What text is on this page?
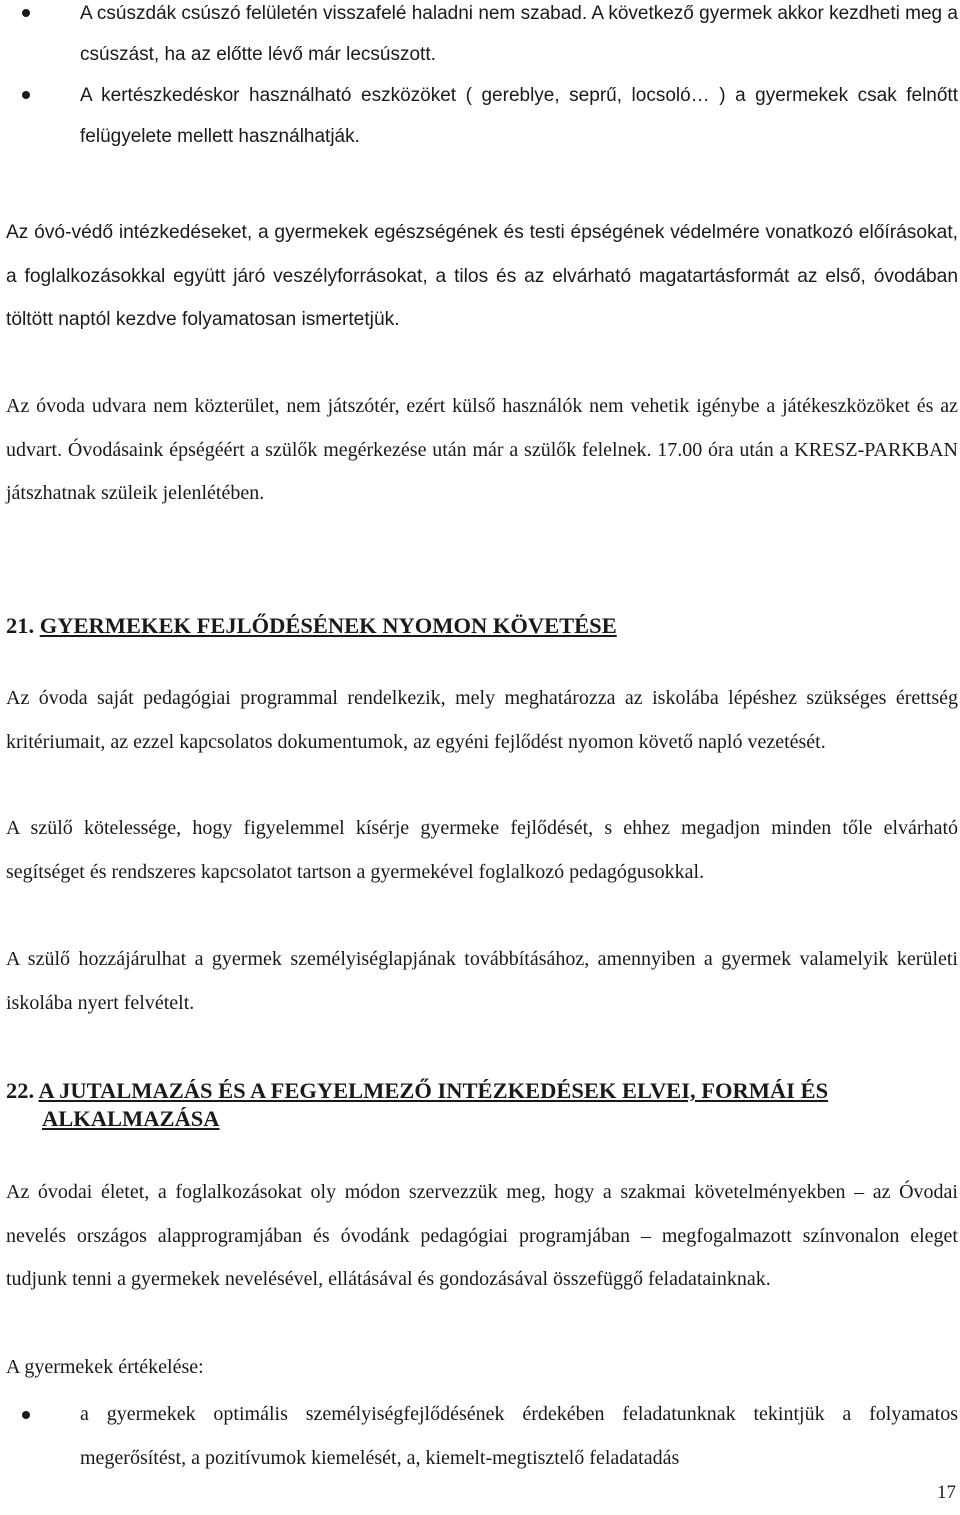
A csúszdák csúszó felületén visszafelé haladni nem szabad. A következő gyermek akkor kezdheti meg a csúszást, ha az előtte lévő már lecsúszott.
A kertészkedéskor használható eszközöket ( gereblye, seprű, locsoló… ) a gyermekek csak felnőtt felügyelete mellett használhatják.

Az óvó-védő intézkedéseket, a gyermekek egészségének és testi épségének védelmére vonatkozó előírásokat, a foglalkozásokkal együtt járó veszélyforrásokat, a tilos és az elvárható magatartásformát az első, óvodában töltött naptól kezdve folyamatosan ismertetjük.

Az óvoda udvara nem közterület, nem játszótér, ezért külső használók nem vehetik igénybe a játékeszközöket és az udvart. Óvodásaink épségéért a szülők megérkezése után már a szülők felelnek. 17.00 óra után a KRESZ-PARKBAN játszhatnak szüleik jelenlétében.

21. GYERMEKEK FEJLŐDÉSÉNEK NYOMON KÖVETÉSE

Az óvoda saját pedagógiai programmal rendelkezik, mely meghatározza az iskolába lépéshez szükséges érettség kritériumait, az ezzel kapcsolatos dokumentumok, az egyéni fejlődést nyomon követő napló vezetését.

A szülő kötelessége, hogy figyelemmel kísérje gyermeke fejlődését, s ehhez megadjon minden tőle elvárható segítséget és rendszeres kapcsolatot tartson a gyermekével foglalkozó pedagógusokkal.

A szülő hozzájárulhat a gyermek személyiséglapjának továbbításához, amennyiben a gyermek valamelyik kerületi iskolába nyert felvételt.

22. A JUTALMAZÁS ÉS A FEGYELMEZŐ INTÉZKEDÉSEK ELVEI, FORMÁI ÉS
ALKALMAZÁSA

Az óvodai életet, a foglalkozásokat oly módon szervezzük meg, hogy a szakmai követelményekben – az Óvodai nevelés országos alapprogramjában és óvodánk pedagógiai programjában – megfogalmazott színvonalon eleget tudjunk tenni a gyermekek nevelésével, ellátásával és gondozásával összefüggő feladatainknak.

A gyermekek értékelése:

a gyermekek optimális személyiségfejlődésének érdekében feladatunknak tekintjük a folyamatos megerősítést, a pozitívumok kiemelését, a, kiemelt-megtisztelő feladatadás
17
